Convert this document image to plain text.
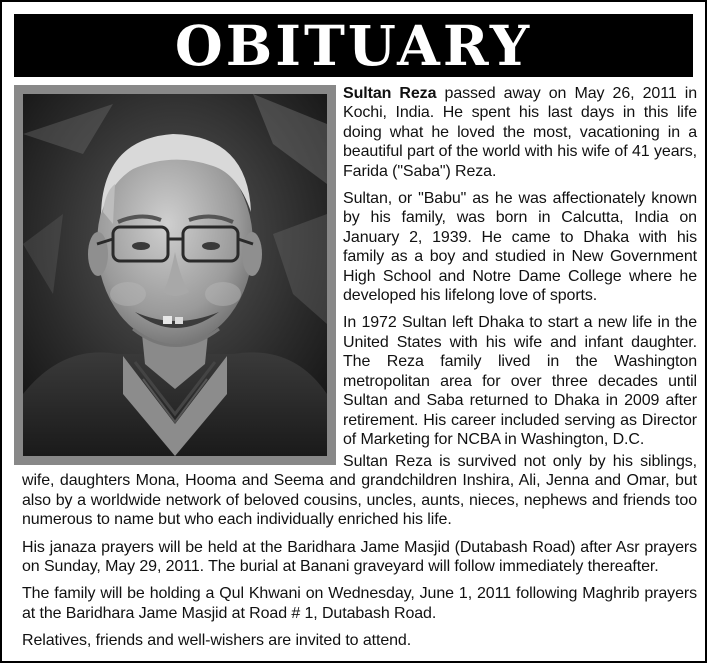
OBITUARY

Sultan Reza passed away on May 26, 2011 in Kochi, India. He spent his last days in this life doing what he loved the most, vacationing in a beautiful part of the world with his wife of 41 years, Farida ("Saba") Reza.

Sultan, or "Babu" as he was affectionately known by his family, was born in Calcutta, India on January 2, 1939. He came to Dhaka with his family as a boy and studied in New Government High School and Notre Dame College where he developed his lifelong love of sports.

In 1972 Sultan left Dhaka to start a new life in the United States with his wife and infant daughter. The Reza family lived in the Washington metropolitan area for over three decades until Sultan and Saba returned to Dhaka in 2009 after retirement. His career included serving as Director of Marketing for NCBA in Washington, D.C.

Sultan Reza is survived not only by his siblings, wife, daughters Mona, Hooma and Seema and grandchildren Inshira, Ali, Jenna and Omar, but also by a worldwide network of beloved cousins, uncles, aunts, nieces, nephews and friends too numerous to name but who each individually enriched his life.

His janaza prayers will be held at the Baridhara Jame Masjid (Dutabash Road) after Asr prayers on Sunday, May 29, 2011. The burial at Banani graveyard will follow immediately thereafter.

The family will be holding a Qul Khwani on Wednesday, June 1, 2011 following Maghrib prayers at the Baridhara Jame Masjid at Road # 1, Dutabash Road.

Relatives, friends and well-wishers are invited to attend.
